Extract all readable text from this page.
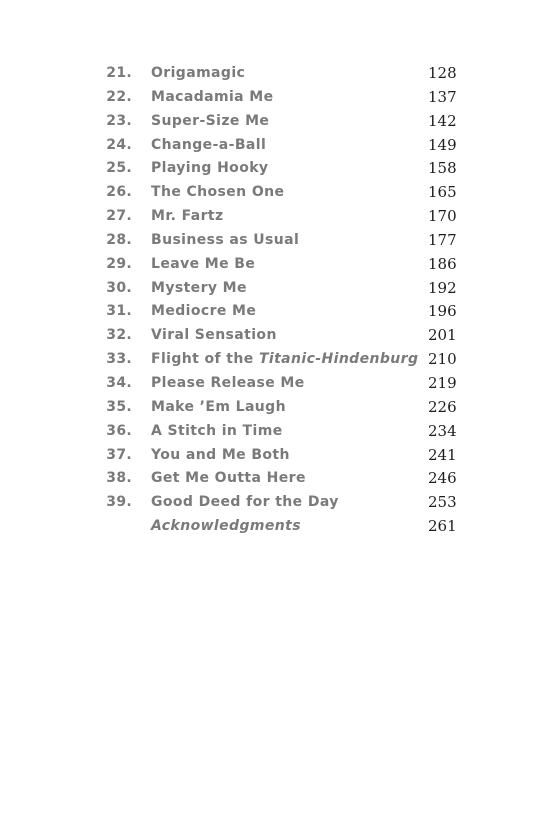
21. Origamagic	128
22. Macadamia Me	137
23. Super-Size Me	142
24. Change-a-Ball	149
25. Playing Hooky	158
26. The Chosen One	165
27. Mr. Fartz	170
28. Business as Usual	177
29. Leave Me Be	186
30. Mystery Me	192
31. Mediocre Me	196
32. Viral Sensation	201
33. Flight of the Titanic-Hindenburg 210
34. Please Release Me	219
35. Make ’Em Laugh	226
36. A Stitch in Time	234
37. You and Me Both	241
38. Get Me Outta Here	246
39. Good Deed for the Day	253
Acknowledgments	261
